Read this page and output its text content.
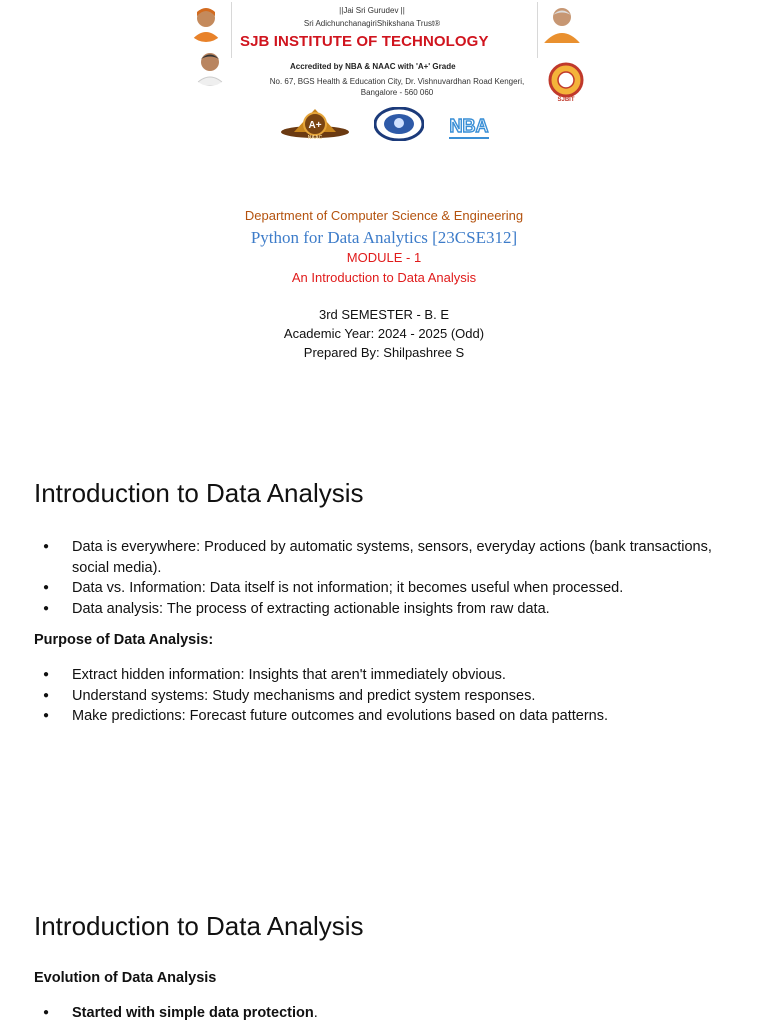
||Jai Sri Gurudev ||
Sri AdichunchanagiriShikshana Trust®
SJB INSTITUTE OF TECHNOLOGY
Accredited by NBA & NAAC with 'A+' Grade
No. 67, BGS Health & Education City, Dr. Vishnuvardhan Road Kengeri,
Bangalore - 560 060
SJBIT
A+
NAAC
NBA
Department of Computer Science & Engineering
Python for Data Analytics [23CSE312]
MODULE - 1
An Introduction to Data Analysis
3rd SEMESTER - B. E
Academic Year: 2024 - 2025 (Odd)
Prepared By: Shilpashree S
Introduction to Data Analysis
● Data is everywhere: Produced by automatic systems, sensors, everyday actions (bank transactions, social media).
● Data vs. Information: Data itself is not information; it becomes useful when processed.
● Data analysis: The process of extracting actionable insights from raw data.
Purpose of Data Analysis:
● Extract hidden information: Insights that aren't immediately obvious.
● Understand systems: Study mechanisms and predict system responses.
● Make predictions: Forecast future outcomes and evolutions based on data patterns.
Introduction to Data Analysis
Evolution of Data Analysis
● Started with simple data protection.
